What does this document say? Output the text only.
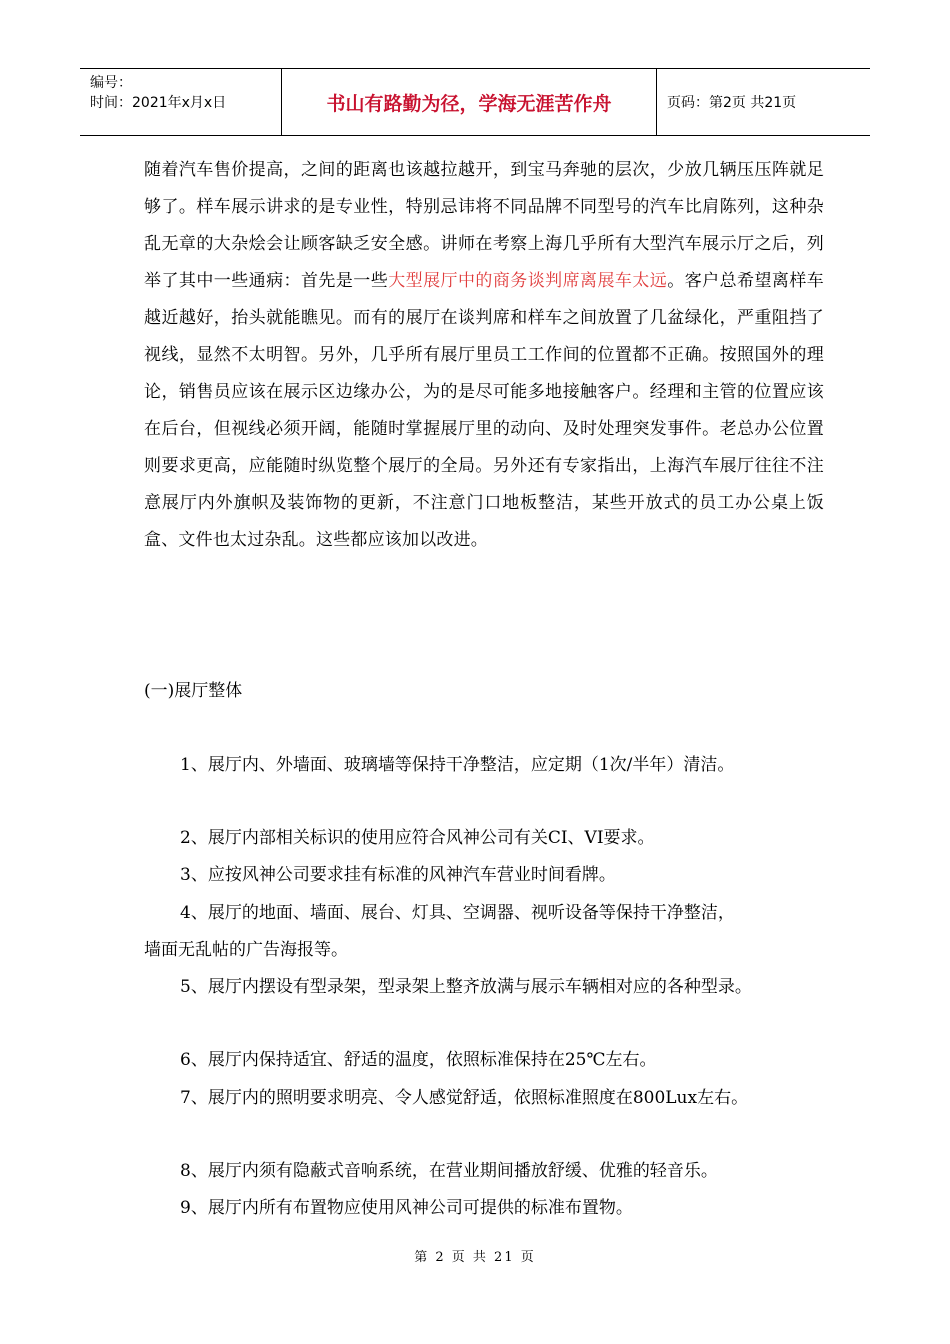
编号：
时间：2021年x月x日	书山有路勤为径，学海无涯苦作舟	页码：第2页 共21页
随着汽车售价提高，之间的距离也该越拉越开，到宝马奔驰的层次，少放几辆压压阵就足够了。样车展示讲求的是专业性，特别忌讳将不同品牌不同型号的汽车比肩陈列，这种杂乱无章的大杂烩会让顾客缺乏安全感。讲师在考察上海几乎所有大型汽车展示厅之后，列举了其中一些通病：首先是一些大型展厅中的商务谈判席离展车太远。客户总希望离样车越近越好，抬头就能瞧见。而有的展厅在谈判席和样车之间放置了几盆绿化，严重阻挡了视线，显然不太明智。另外，几乎所有展厅里员工工作间的位置都不正确。按照国外的理论，销售员应该在展示区边缘办公，为的是尽可能多地接触客户。经理和主管的位置应该在后台，但视线必须开阔，能随时掌握展厅里的动向、及时处理突发事件。老总办公位置则要求更高，应能随时纵览整个展厅的全局。另外还有专家指出，上海汽车展厅往往不注意展厅内外旗帜及装饰物的更新，不注意门口地板整洁，某些开放式的员工办公桌上饭盒、文件也太过杂乱。这些都应该加以改进。
(一)展厅整体
1、展厅内、外墙面、玻璃墙等保持干净整洁，应定期（1次/半年）清洁。
2、展厅内部相关标识的使用应符合风神公司有关CI、VI要求。
3、应按风神公司要求挂有标准的风神汽车营业时间看牌。
4、展厅的地面、墙面、展台、灯具、空调器、视听设备等保持干净整洁，
墙面无乱帖的广告海报等。
5、展厅内摆设有型录架，型录架上整齐放满与展示车辆相对应的各种型录。
6、展厅内保持适宜、舒适的温度，依照标准保持在25℃左右。
7、展厅内的照明要求明亮、令人感觉舒适，依照标准照度在800Lux左右。
8、展厅内须有隐蔽式音响系统，在营业期间播放舒缓、优雅的轻音乐。
9、展厅内所有布置物应使用风神公司可提供的标准布置物。
第 2 页 共 21 页
